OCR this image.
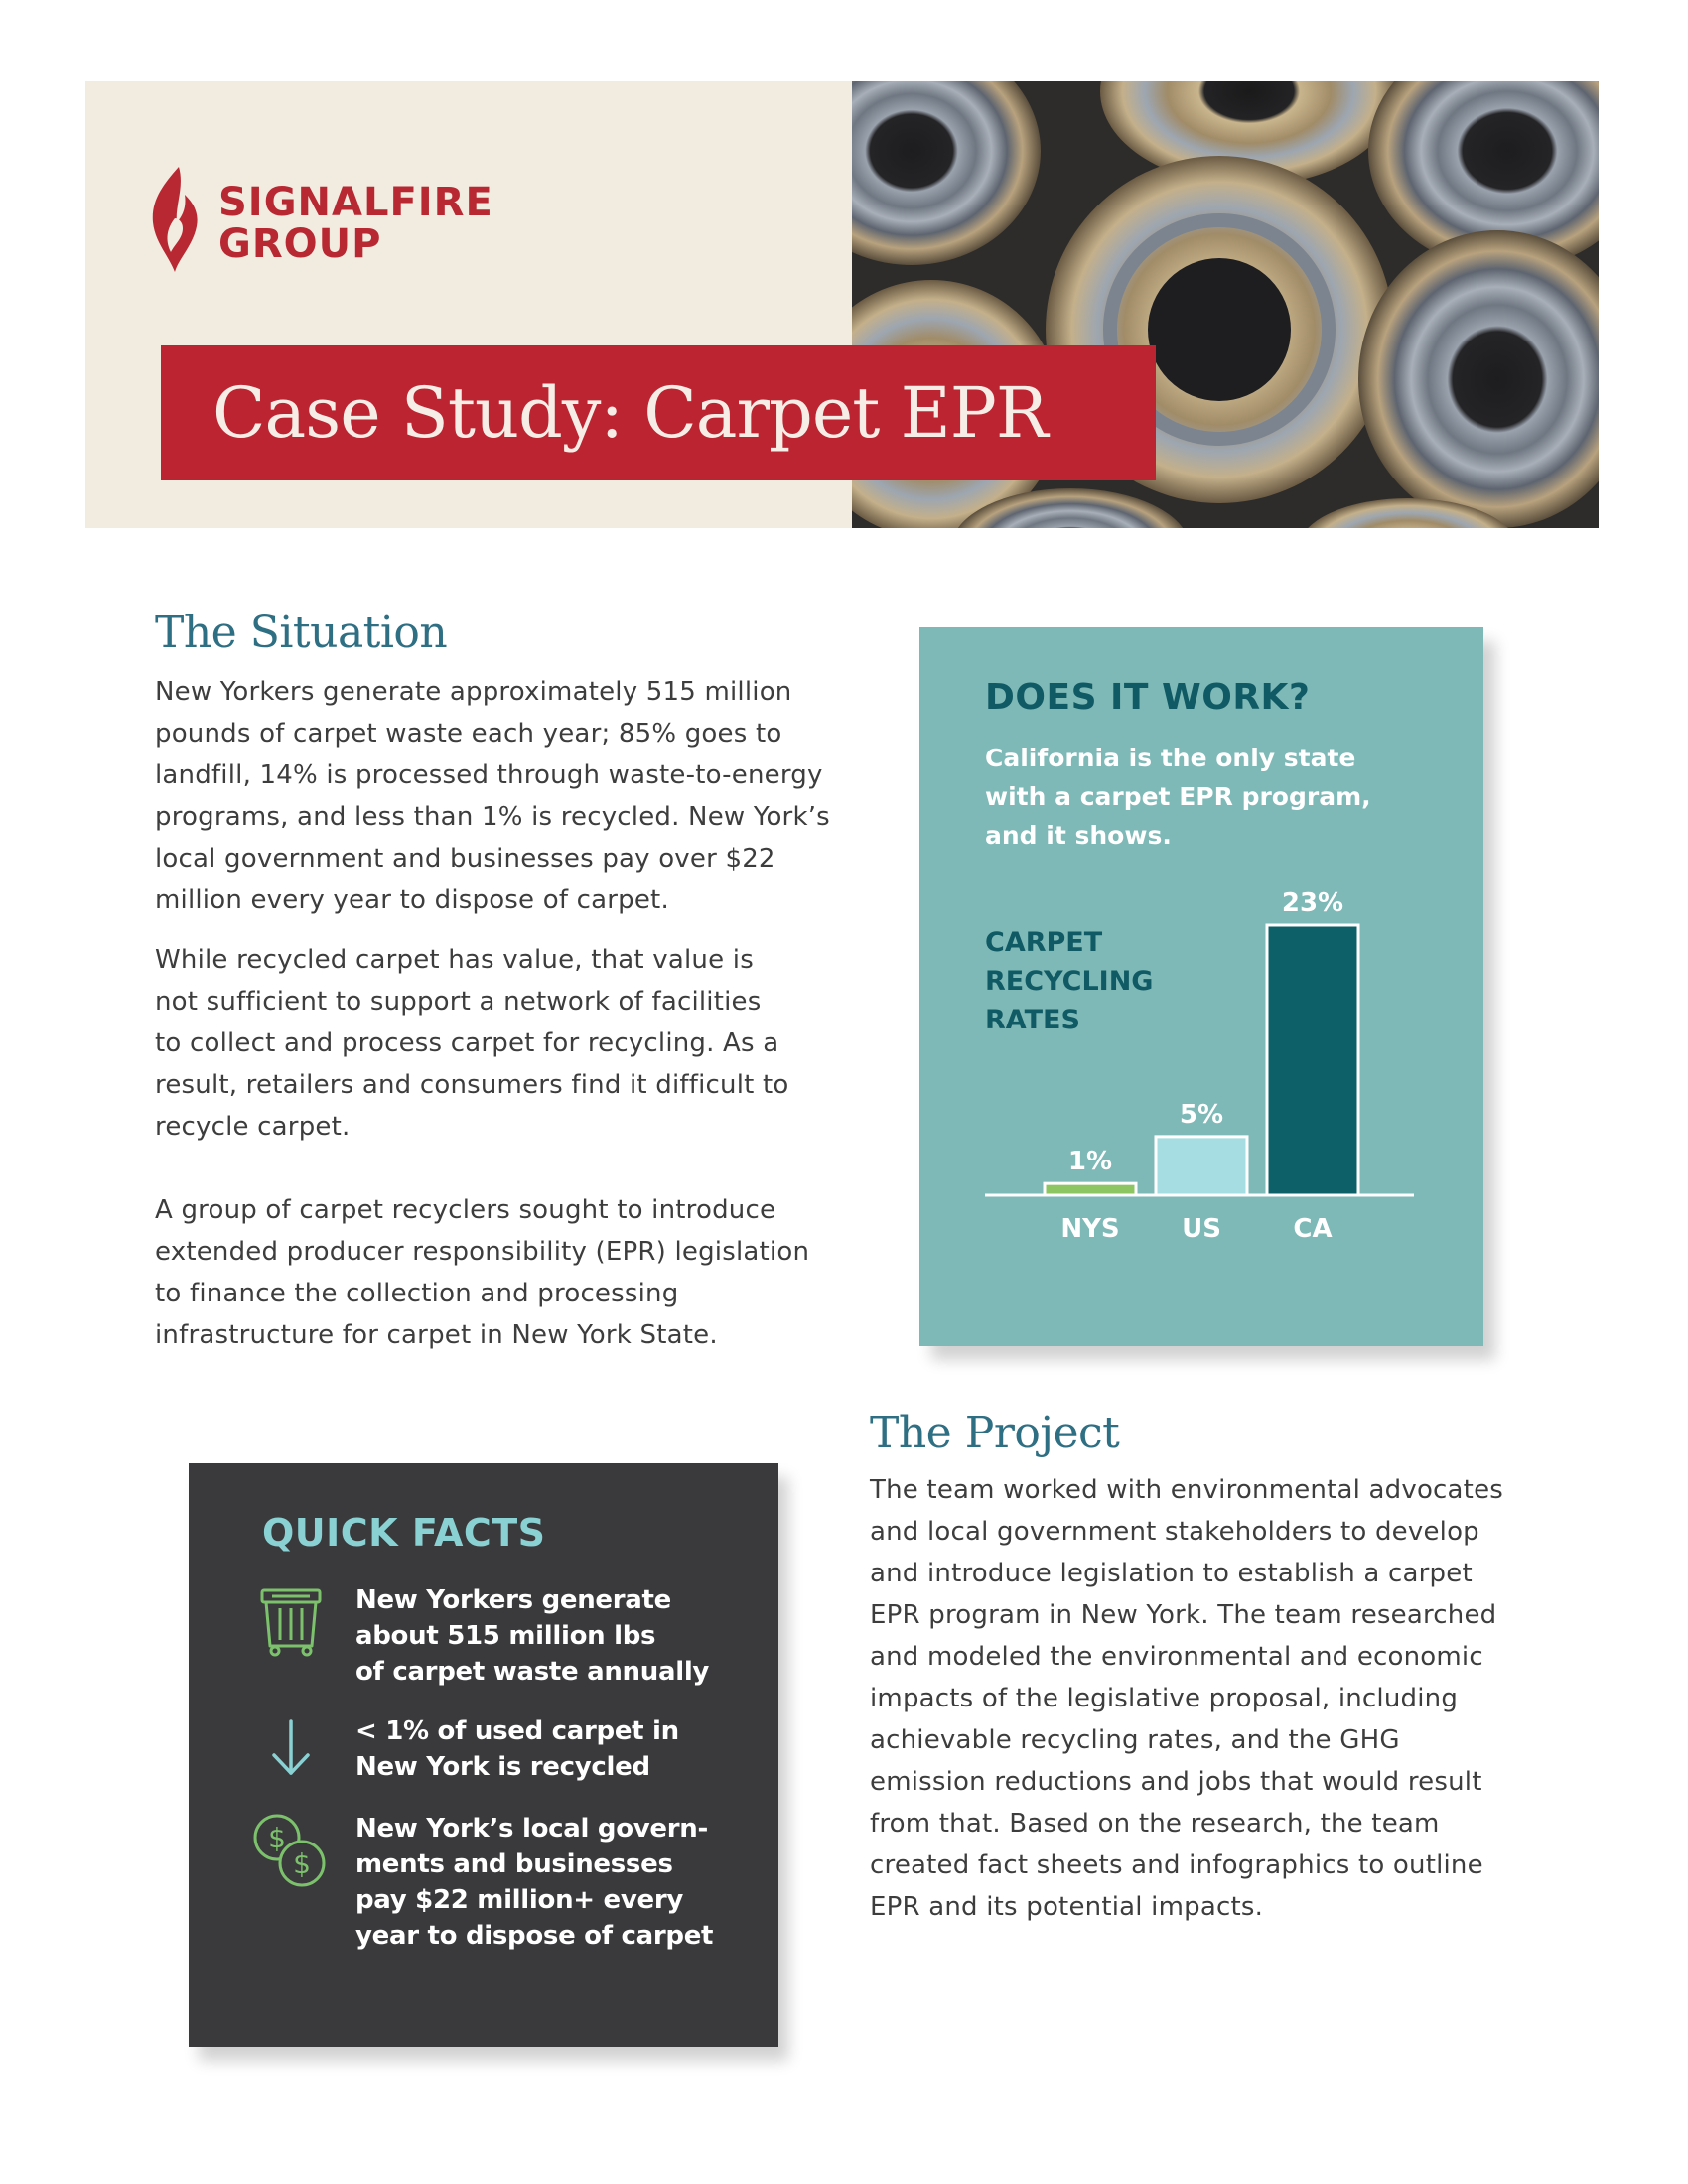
SIGNALFIRE
GROUP
Case Study: Carpet EPR
The Situation
New Yorkers generate approximately 515 million
pounds of carpet waste each year; 85% goes to
landfill, 14% is processed through waste-to-energy
programs, and less than 1% is recycled. New York’s
local government and businesses pay over $22
million every year to dispose of carpet.
While recycled carpet has value, that value is
not sufficient to support a network of facilities
to collect and process carpet for recycling. As a
result, retailers and consumers find it difficult to
recycle carpet.
A group of carpet recyclers sought to introduce
extended producer responsibility (EPR) legislation
to finance the collection and processing
infrastructure for carpet in New York State.
DOES IT WORK?
California is the only state
with a carpet EPR program,
and it shows.
CARPET
RECYCLING
RATES
1%
NYS
5%
US
23%
CA
The Project
The team worked with environmental advocates
and local government stakeholders to develop
and introduce legislation to establish a carpet
EPR program in New York. The team researched
and modeled the environmental and economic
impacts of the legislative proposal, including
achievable recycling rates, and the GHG
emission reductions and jobs that would result
from that. Based on the research, the team
created fact sheets and infographics to outline
EPR and its potential impacts.
QUICK FACTS
New Yorkers generate
about 515 million lbs
of carpet waste annually
< 1% of used carpet in
New York is recycled
$
$
New York’s local govern-
ments and businesses
pay $22 million+ every
year to dispose of carpet
